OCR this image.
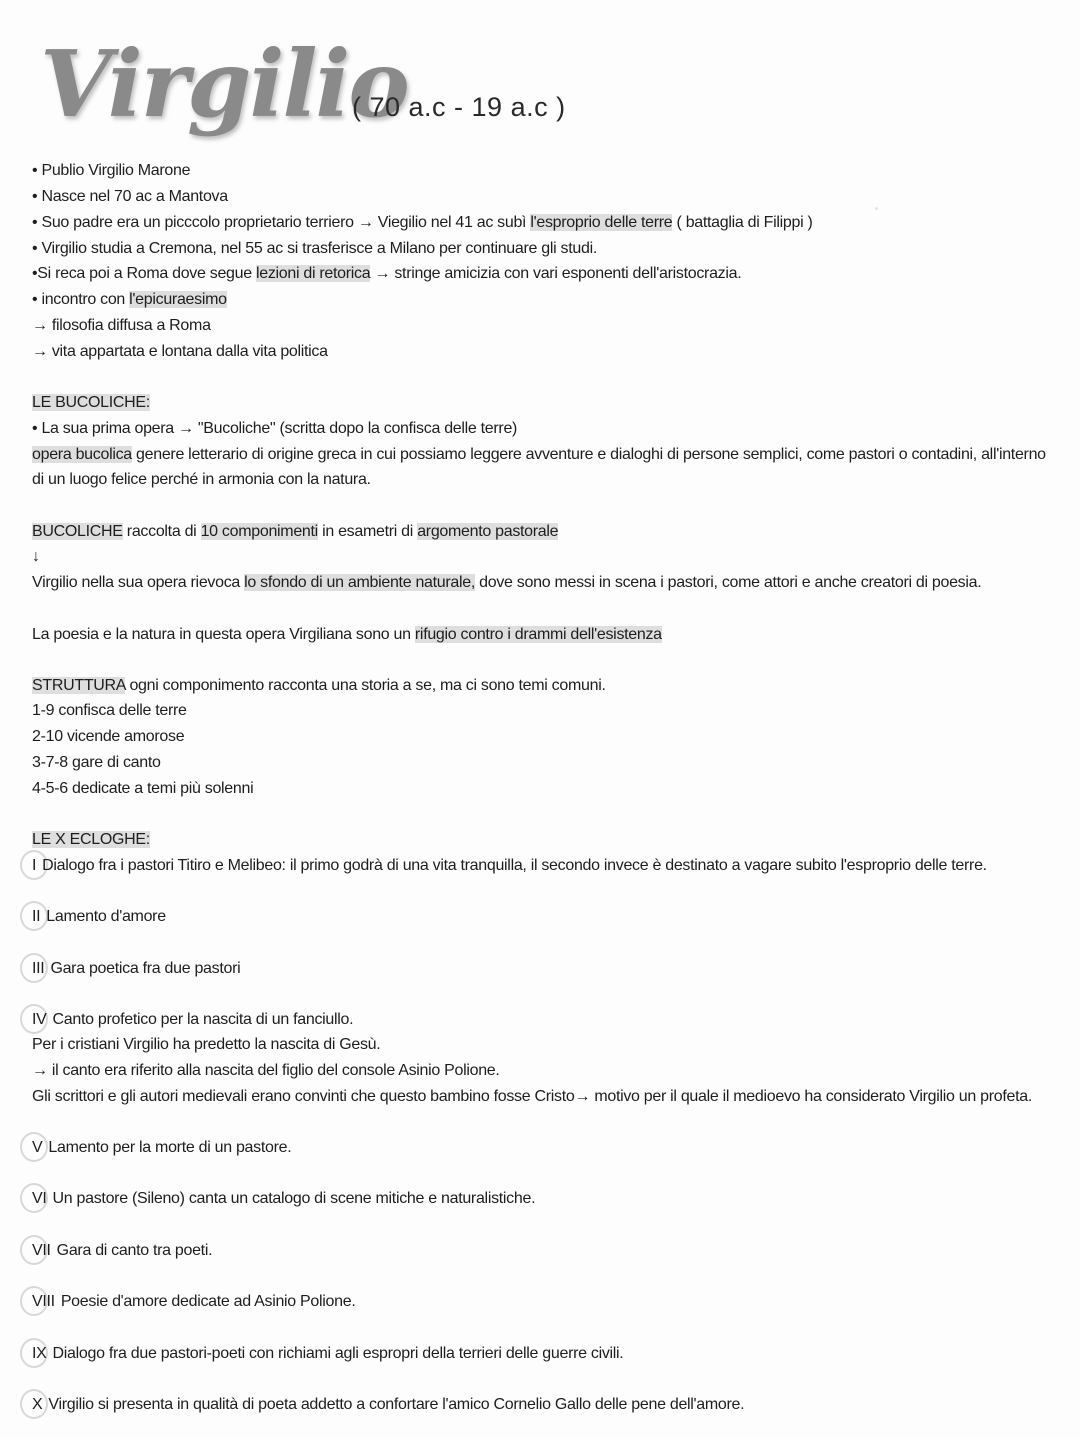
Virgilio
( 70 a.c - 19 a.c )
• Publio Virgilio Marone
• Nasce nel 70 ac a Mantova
• Suo padre era un picccolo proprietario terriero → Viegilio nel 41 ac subì l'esproprio delle terre ( battaglia di Filippi )
• Virgilio studia a Cremona, nel 55 ac si trasferisce a Milano per continuare gli studi.
•Si reca poi a Roma dove segue lezioni di retorica → stringe amicizia con vari esponenti dell'aristocrazia.
• incontro con l'epicuraesimo
→ filosofia diffusa a Roma
→ vita appartata e lontana dalla vita politica
LE BUCOLICHE:
• La sua prima opera → "Bucoliche" (scritta dopo la confisca delle terre)
opera bucolica genere letterario di origine greca in cui possiamo leggere avventure e dialoghi di persone semplici, come pastori o contadini, all'interno
di un luogo felice perché in armonia con la natura.
BUCOLICHE raccolta di 10 componimenti in esametri di argomento pastorale
↓
Virgilio nella sua opera rievoca lo sfondo di un ambiente naturale, dove sono messi in scena i pastori, come attori e anche creatori di poesia.
La poesia e la natura in questa opera Virgiliana sono un rifugio contro i drammi dell'esistenza
STRUTTURA ogni componimento racconta una storia a se, ma ci sono temi comuni.
1-9 confisca delle terre
2-10 vicende amorose
3-7-8 gare di canto
4-5-6 dedicate a temi più solenni
LE X ECLOGHE:
I Dialogo fra i pastori Titiro e Melibeo: il primo godrà di una vita tranquilla, il secondo invece è destinato a vagare subito l'esproprio delle terre.
II Lamento d'amore
III Gara poetica fra due pastori
IV Canto profetico per la nascita di un fanciullo.
Per i cristiani Virgilio ha predetto la nascita di Gesù.
→ il canto era riferito alla nascita del figlio del console Asinio Polione.
Gli scrittori e gli autori medievali erano convinti che questo bambino fosse Cristo→ motivo per il quale il medioevo ha considerato Virgilio un profeta.
V Lamento per la morte di un pastore.
VI Un pastore (Sileno) canta un catalogo di scene mitiche e naturalistiche.
VII Gara di canto tra poeti.
VIII Poesie d'amore dedicate ad Asinio Polione.
IX Dialogo fra due pastori-poeti con richiami agli espropri della terrieri delle guerre civili.
X Virgilio si presenta in qualità di poeta addetto a confortare l'amico Cornelio Gallo delle pene dell'amore.
